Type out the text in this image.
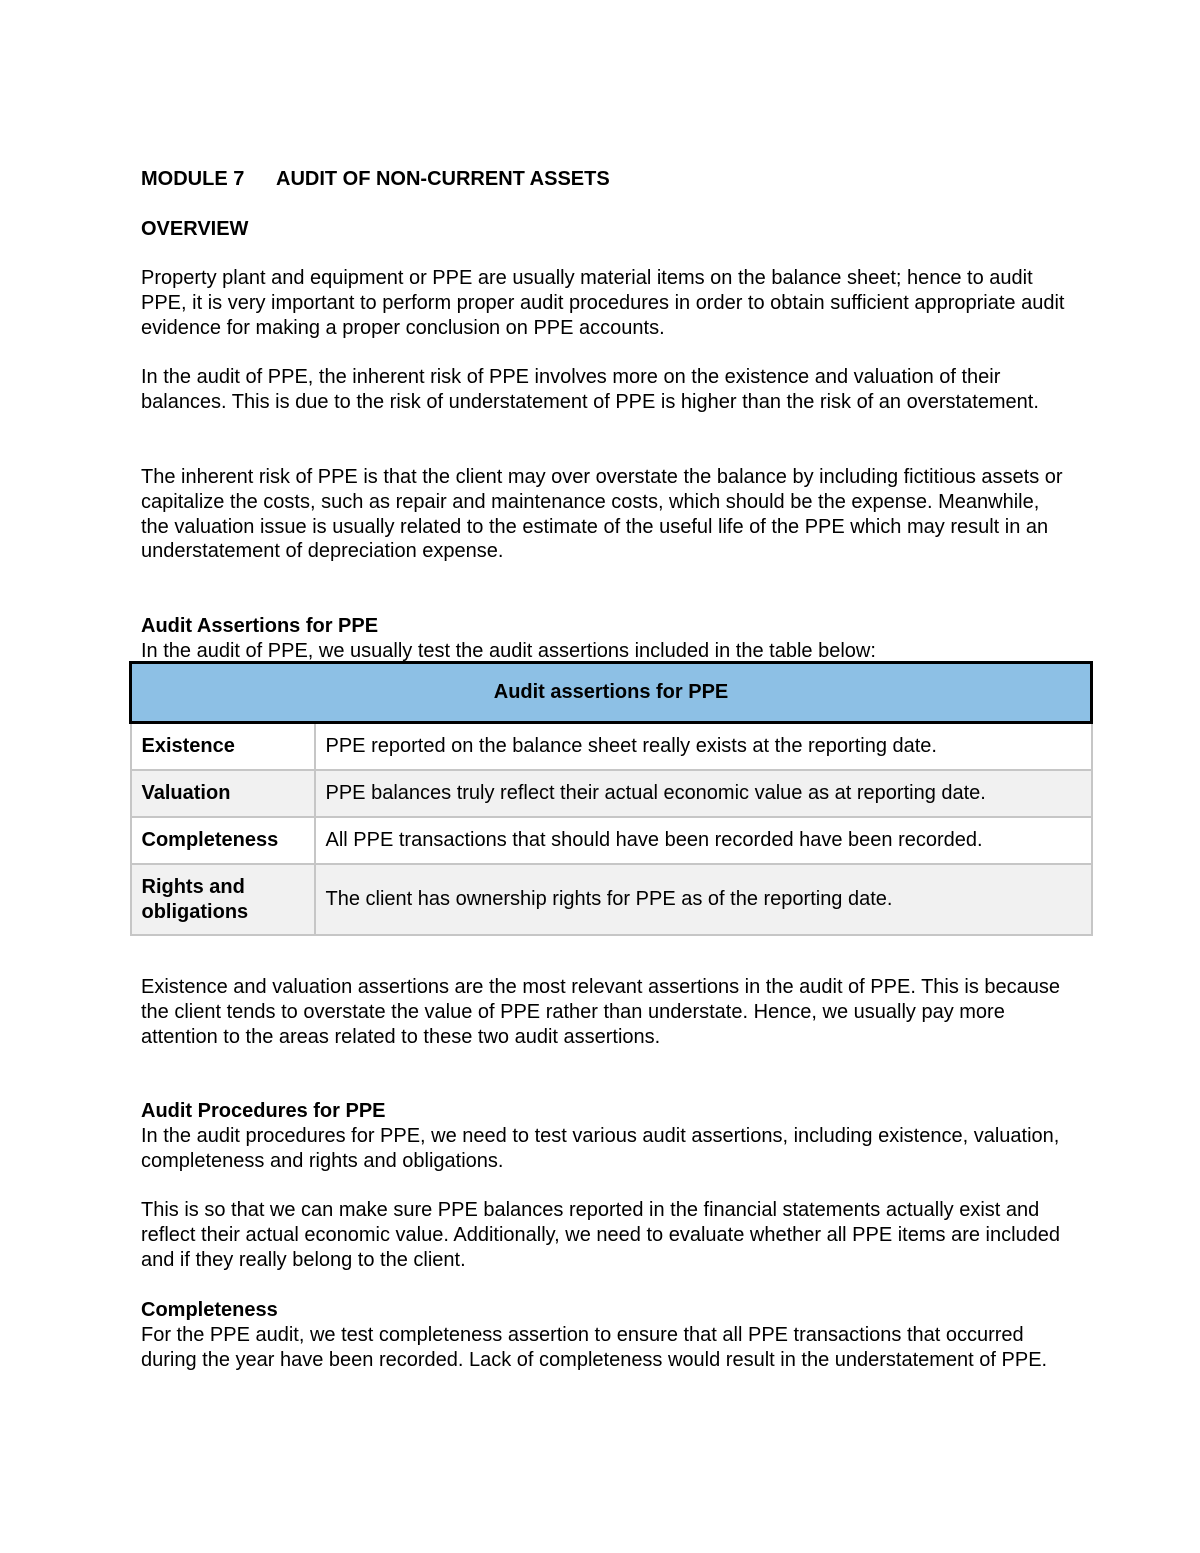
MODULE 7 AUDIT OF NON-CURRENT ASSETS
OVERVIEW

Property plant and equipment or PPE are usually material items on the balance sheet; hence to audit PPE, it is very important to perform proper audit procedures in order to obtain sufficient appropriate audit evidence for making a proper conclusion on PPE accounts.

In the audit of PPE, the inherent risk of PPE involves more on the existence and valuation of their balances. This is due to the risk of understatement of PPE is higher than the risk of an overstatement.

The inherent risk of PPE is that the client may over overstate the balance by including fictitious assets or capitalize the costs, such as repair and maintenance costs, which should be the expense. Meanwhile, the valuation issue is usually related to the estimate of the useful life of the PPE which may result in an understatement of depreciation expense.

Audit Assertions for PPE

In the audit of PPE, we usually test the audit assertions included in the table below:

Existence and valuation assertions are the most relevant assertions in the audit of PPE. This is because the client tends to overstate the value of PPE rather than understate. Hence, we usually pay more attention to the areas related to these two audit assertions.

Audit Procedures for PPE

In the audit procedures for PPE, we need to test various audit assertions, including existence, valuation, completeness and rights and obligations.

This is so that we can make sure PPE balances reported in the financial statements actually exist and reflect their actual economic value. Additionally, we need to evaluate whether all PPE items are included and if they really belong to the client.

Completeness

For the PPE audit, we test completeness assertion to ensure that all PPE transactions that occurred during the year have been recorded. Lack of completeness would result in the understatement of PPE.

Audit assertions for PPE	
Existence	PPE reported on the balance sheet really exists at the reporting date.
Valuation	PPE balances truly reflect their actual economic value as at reporting date.
Completeness	All PPE transactions that should have been recorded have been recorded.
Rights and obligations	The client has ownership rights for PPE as of the reporting date.
